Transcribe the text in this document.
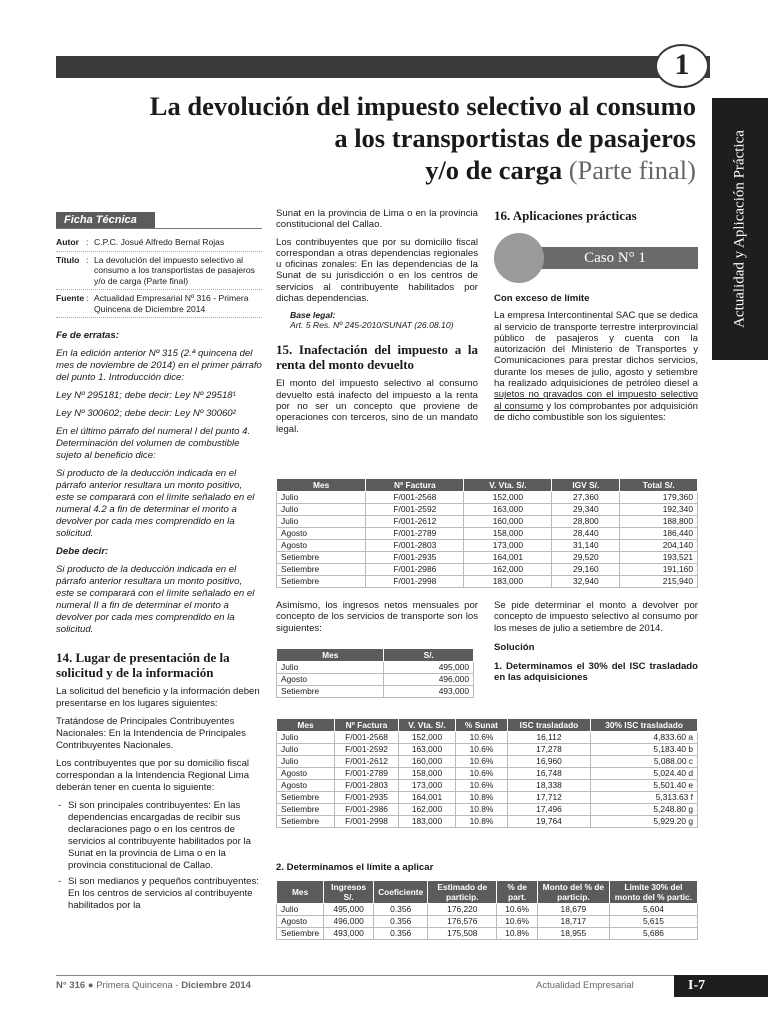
Área Tributaria
1
Actualidad y Aplicación Práctica
La devolución del impuesto selectivo al consumo
a los transportistas de pasajeros
y/o de carga (Parte final)
Ficha Técnica
Autor : C.P.C. Josué Alfredo Bernal Rojas
Título : La devolución del impuesto selectivo al consumo a los transportistas de pasajeros y/o de carga (Parte final)
Fuente : Actualidad Empresarial Nº 316 - Primera Quincena de Diciembre 2014

Fe de erratas:

En la edición anterior Nº 315 (2.ª quincena del mes de noviembre de 2014) en el primer párrafo del punto 1. Introducción dice:

Ley Nº 295181; debe decir: Ley Nº 29518¹

Ley Nº 300602; debe decir: Ley Nº 30060²

En el último párrafo del numeral I del punto 4. Determinación del volumen de combustible sujeto al beneficio dice:

Si producto de la deducción indicada en el párrafo anterior resultara un monto positivo, este se comparará con el límite señalado en el numeral 4.2 a fin de determinar el monto a devolver por cada mes comprendido en la solicitud.

Debe decir:

Si producto de la deducción indicada en el párrafo anterior resultara un monto positivo, este se comparará con el límite señalado en el numeral II a fin de determinar el monto a devolver por cada mes comprendido en la solicitud.

14. Lugar de presentación de la solicitud y de la información

La solicitud del beneficio y la información deben presentarse en los lugares siguientes:

Tratándose de Principales Contribuyentes Nacionales: En la Intendencia de Principales Contribuyentes Nacionales.

Los contribuyentes que por su domicilio fiscal correspondan a la Intendencia Regional Lima deberán tener en cuenta lo siguiente:

- Si son principales contribuyentes: En las dependencias encargadas de recibir sus declaraciones pago o en los centros de servicios al contribuyente habilitados por la Sunat en la provincia de Lima o en la provincia constitucional de Callao.
- Si son medianos y pequeños contribuyentes: En los centros de servicios al contribuyente habilitados por la

Sunat en la provincia de Lima o en la provincia constitucional del Callao.

Los contribuyentes que por su domicilio fiscal correspondan a otras dependencias regionales u oficinas zonales: En las dependencias de la Sunat de su jurisdicción o en los centros de servicios al contribuyente habilitados por dichas dependencias.

Base legal:
Art. 5 Res. Nº 245-2010/SUNAT (26.08.10)

15. Inafectación del impuesto a la renta del monto devuelto

El monto del impuesto selectivo al consumo devuelto está inafecto del impuesto a la renta por no ser un concepto que proviene de operaciones con terceros, sino de un mandato legal.

16. Aplicaciones prácticas

Caso N° 1

Con exceso de límite

La empresa Intercontinental SAC que se dedica al servicio de transporte terrestre interprovincial público de pasajeros y cuenta con la autorización del Ministerio de Transportes y Comunicaciones para prestar dichos servicios, durante los meses de julio, agosto y setiembre ha realizado adquisiciones de petróleo diesel a sujetos no gravados con el impuesto selectivo al consumo y los comprobantes por adquisición de dicho combustible son los siguientes:

Mes	Nº Factura	V. Vta. S/.	IGV S/.	Total S/.
Julio	F/001-2568	152,000	27,360	179,360
Julio	F/001-2592	163,000	29,340	192,340
Julio	F/001-2612	160,000	28,800	188,800
Agosto	F/001-2789	158,000	28,440	186,440
Agosto	F/001-2803	173,000	31,140	204,140
Setiembre	F/001-2935	164,001	29,520	193,521
Setiembre	F/001-2986	162,000	29,160	191,160
Setiembre	F/001-2998	183,000	32,940	215,940
Asimismo, los ingresos netos mensuales por concepto de los servicios de transporte son los siguientes:
Mes	S/.
Julio	495,000
Agosto	496,000
Setiembre	493,000

Se pide determinar el monto a devolver por concepto de impuesto selectivo al consumo por los meses de julio a setiembre de 2014.

Solución

1. Determinamos el 30% del ISC trasladado en las adquisiciones

Mes	Nº Factura	V. Vta. S/.	% Sunat	ISC trasladado	30% ISC trasladado
Julio	F/001-2568	152,000	10.6%	16,112	4,833.60 a
Julio	F/001-2592	163,000	10.6%	17,278	5,183.40 b
Julio	F/001-2612	160,000	10.6%	16,960	5,088.00 c
Agosto	F/001-2789	158,000	10.6%	16,748	5,024.40 d
Agosto	F/001-2803	173,000	10.6%	18,338	5,501.40 e
Setiembre	F/001-2935	164,001	10.8%	17,712	5,313.63 f
Setiembre	F/001-2986	162,000	10.8%	17,496	5,248.80 g
Setiembre	F/001-2998	183,000	10.8%	19,764	5,929.20 g
2. Determinamos el límite a aplicar
Mes	Ingresos S/.	Coeficiente	Estimado de particip.	% de part.	Monto del % de particip.	Límite 30% del monto del % partic.
Julio	495,000	0.356	176,220	10.6%	18,679	5,604
Agosto	496,000	0.356	176,576	10.6%	18,717	5,615
Setiembre	493,000	0.356	175,508	10.8%	18,955	5,686
N° 316 ● Primera Quincena - Diciembre 2014	Actualidad Empresarial	I-7
